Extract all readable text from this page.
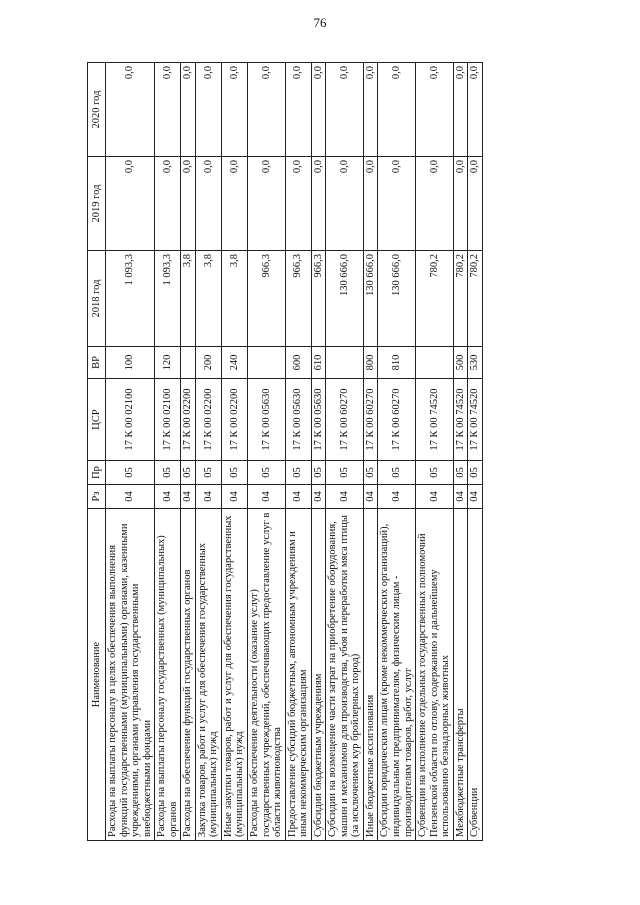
76
Наименование	Рз	Пр	ЦСР	ВР	2018 год	2019 год	2020 год
Расходы на выплаты персоналу в целях обеспечения выполнения функций государственными (муниципальными) органами, казенными учреждениями, органами управления государственными внебюджетными фондами	04	05	17 К 00 02100	100	1 093,3	0,0	0,0
Расходы на выплаты персоналу государственных (муниципальных) органов	04	05	17 К 00 02100	120	1 093,3	0,0	0,0
Расходы на обеспечение функций государственных органов	04	05	17 К 00 02200		3,8	0,0	0,0
Закупка товаров, работ и услуг для обеспечения государственных (муниципальных) нужд	04	05	17 К 00 02200	200	3,8	0,0	0,0
Иные закупки товаров, работ и услуг для обеспечения государственных (муниципальных) нужд	04	05	17 К 00 02200	240	3,8	0,0	0,0
Расходы на обеспечение деятельности (оказание услуг) государственных учреждений, обеспечивающих предоставление услуг в области животноводства	04	05	17 К 00 05630		966,3	0,0	0,0
Предоставление субсидий бюджетным, автономным учреждениям и иным некоммерческим организациям	04	05	17 К 00 05630	600	966,3	0,0	0,0
Субсидии бюджетным учреждениям	04	05	17 К 00 05630	610	966,3	0,0	0,0
Субсидии на возмещение части затрат на приобретение оборудования, машин и механизмов для производства, убоя и переработки мяса птицы (за исключением кур бройлерных пород)	04	05	17 К 00 60270		130 666,0	0,0	0,0
Иные бюджетные ассигнования	04	05	17 К 00 60270	800	130 666,0	0,0	0,0
Субсидии юридическим лицам (кроме некоммерческих организаций), индивидуальным предпринимателям, физическим лицам - производителям товаров, работ, услуг	04	05	17 К 00 60270	810	130 666,0	0,0	0,0
Субвенции на исполнение отдельных государственных полномочий Пензенской области по отлову, содержанию и дальнейшему использованию безнадзорных животных	04	05	17 К 00 74520		780,2	0,0	0,0
Межбюджетные трансферты	04	05	17 К 00 74520	500	780,2	0,0	0,0
Субвенции	04	05	17 К 00 74520	530	780,2	0,0	0,0
